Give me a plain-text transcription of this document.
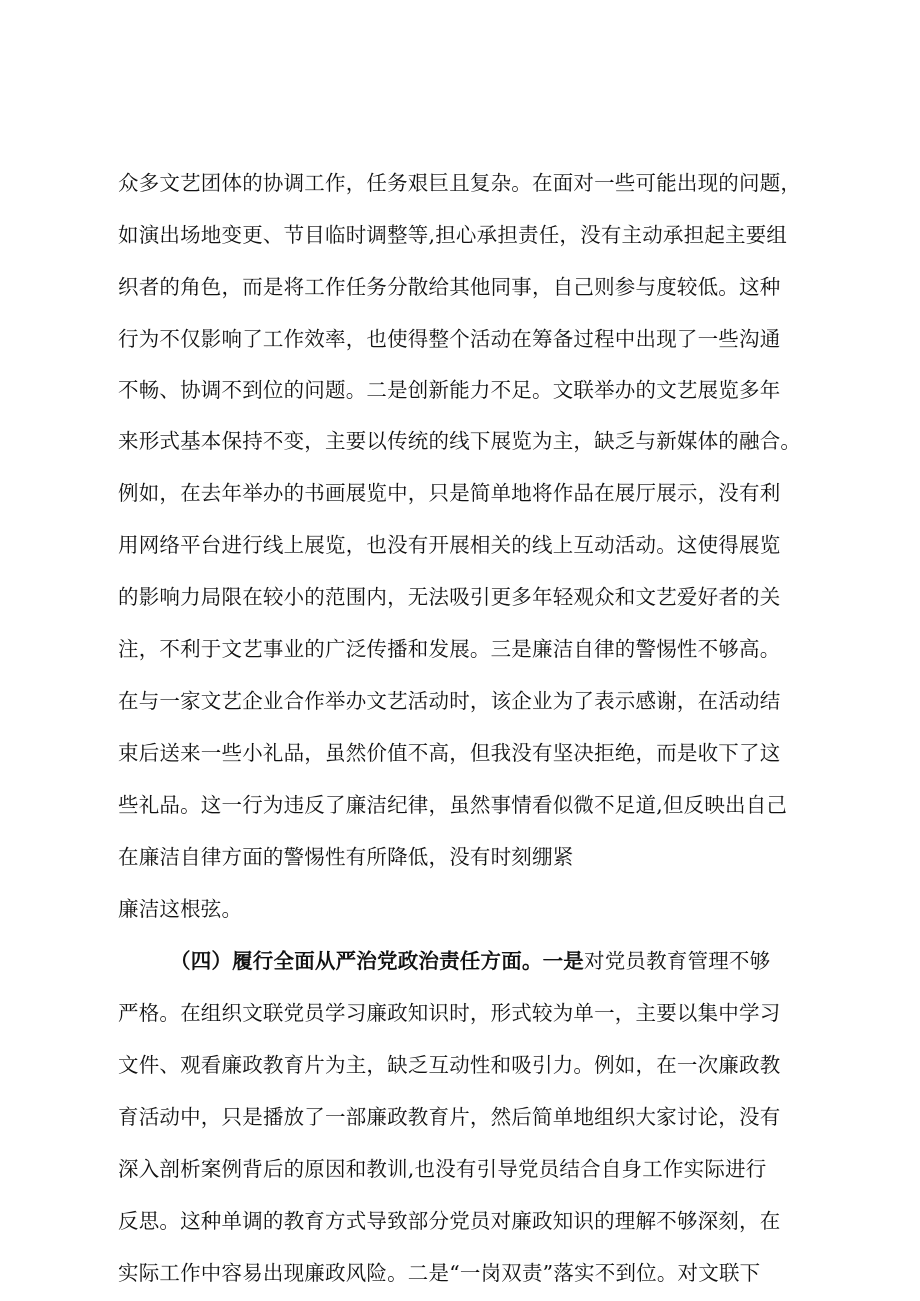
众多文艺团体的协调工作，任务艰巨且复杂。在面对一些可能出现的问题，
如演出场地变更、节目临时调整等,担心承担责任，没有主动承担起主要组
织者的角色，而是将工作任务分散给其他同事，自己则参与度较低。这种
行为不仅影响了工作效率，也使得整个活动在筹备过程中出现了一些沟通
不畅、协调不到位的问题。二是创新能力不足。文联举办的文艺展览多年
来形式基本保持不变，主要以传统的线下展览为主，缺乏与新媒体的融合。
例如，在去年举办的书画展览中，只是简单地将作品在展厅展示，没有利
用网络平台进行线上展览，也没有开展相关的线上互动活动。这使得展览
的影响力局限在较小的范围内，无法吸引更多年轻观众和文艺爱好者的关
注，不利于文艺事业的广泛传播和发展。三是廉洁自律的警惕性不够高。
在与一家文艺企业合作举办文艺活动时，该企业为了表示感谢，在活动结
束后送来一些小礼品，虽然价值不高，但我没有坚决拒绝，而是收下了这
些礼品。这一行为违反了廉洁纪律，虽然事情看似微不足道,但反映出自己
在廉洁自律方面的警惕性有所降低，没有时刻绷紧
廉洁这根弦。
（四）履行全面从严治党政治责任方面。一是对党员教育管理不够
严格。在组织文联党员学习廉政知识时，形式较为单一，主要以集中学习
文件、观看廉政教育片为主，缺乏互动性和吸引力。例如，在一次廉政教
育活动中，只是播放了一部廉政教育片，然后简单地组织大家讨论，没有
深入剖析案例背后的原因和教训,也没有引导党员结合自身工作实际进行
反思。这种单调的教育方式导致部分党员对廉政知识的理解不够深刻，在
实际工作中容易出现廉政风险。二是“一岗双责”落实不到位。对文联下
